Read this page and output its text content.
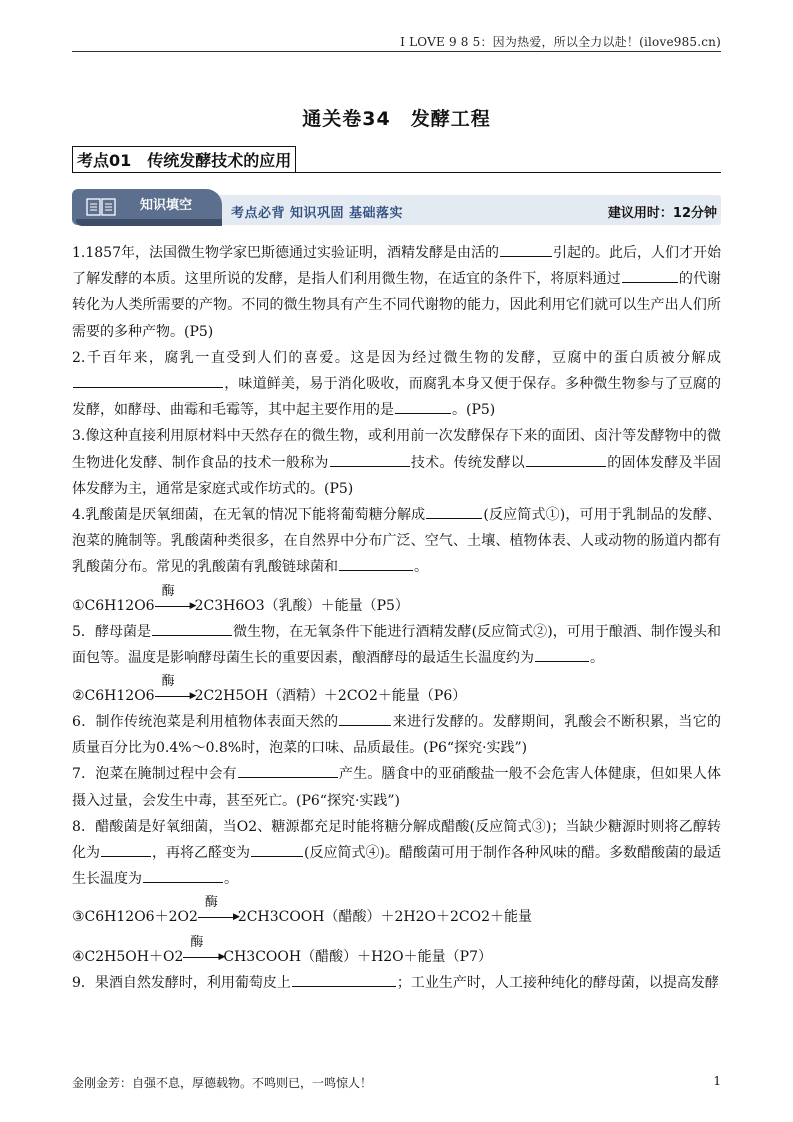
I LOVE 9 8 5：因为热爱，所以全力以赴！(ilove985.cn)
通关卷34　发酵工程
考点01　传统发酵技术的应用
知识填空
考点必背 知识巩固 基础落实	建议用时：12分钟

1.1857年，法国微生物学家巴斯德通过实验证明，酒精发酵是由活的	引起的。此后，人们才开始了解发酵的本质。这里所说的发酵，是指人们利用微生物，在适宜的条件下，将原料通过	的代谢转化为人类所需要的产物。不同的微生物具有产生不同代谢物的能力，因此利用它们就可以生产出人们所需要的多种产物。(P5)

2.千百年来，腐乳一直受到人们的喜爱。这是因为经过微生物的发酵，豆腐中的蛋白质被分解成，味道鲜美，易于消化吸收，而腐乳本身又便于保存。多种微生物参与了豆腐的发酵，如酵母、曲霉和毛霉等，其中起主要作用的是	。(P5)

3.像这种直接利用原材料中天然存在的微生物，或利用前一次发酵保存下来的面团、卤汁等发酵物中的微生物进化发酵、制作食品的技术一般称为	技术。传统发酵以	的固体发酵及半固体发酵为主，通常是家庭式或作坊式的。(P5)

4.乳酸菌是厌氧细菌，在无氧的情况下能将葡萄糖分解成	(反应简式①)，可用于乳制品的发酵、泡菜的腌制等。乳酸菌种类很多，在自然界中分布广泛、空气、土壤、植物体表、人或动物的肠道内都有乳酸菌分布。常见的乳酸菌有乳酸链球菌和	。

①C6H12O6
酶
▶
2C3H6O3（乳酸）＋能量（P5）

5．酵母菌是	微生物，在无氧条件下能进行酒精发酵(反应简式②)，可用于酿酒、制作馒头和面包等。温度是影响酵母菌生长的重要因素，酿酒酵母的最适生长温度约为	。

②C6H12O6
酶
▶
2C2H5OH（酒精）＋2CO2＋能量（P6）

6．制作传统泡菜是利用植物体表面天然的	来进行发酵的。发酵期间，乳酸会不断积累，当它的质量百分比为0.4%～0.8%时，泡菜的口味、品质最佳。(P6“探究·实践”)

7．泡菜在腌制过程中会有	产生。膳食中的亚硝酸盐一般不会危害人体健康，但如果人体摄入过量，会发生中毒，甚至死亡。(P6“探究·实践”)

8．醋酸菌是好氧细菌，当O2、糖源都充足时能将糖分解成醋酸(反应简式③)；当缺少糖源时则将乙醇转化为	，再将乙醛变为	(反应简式④)。醋酸菌可用于制作各种风味的醋。多数醋酸菌的最适生长温度为	。

③C6H12O6＋2O2
酶
▶
2CH3COOH（醋酸）＋2H2O＋2CO2＋能量

④C2H5OH＋O2
酶
▶
CH3COOH（醋酸）＋H2O＋能量（P7）

9．果酒自然发酵时，利用葡萄皮上	；工业生产时，人工接种纯化的酵母菌，以提高发酵

金刚金芳：自强不息，厚德载物。不鸣则已，一鸣惊人！	1
